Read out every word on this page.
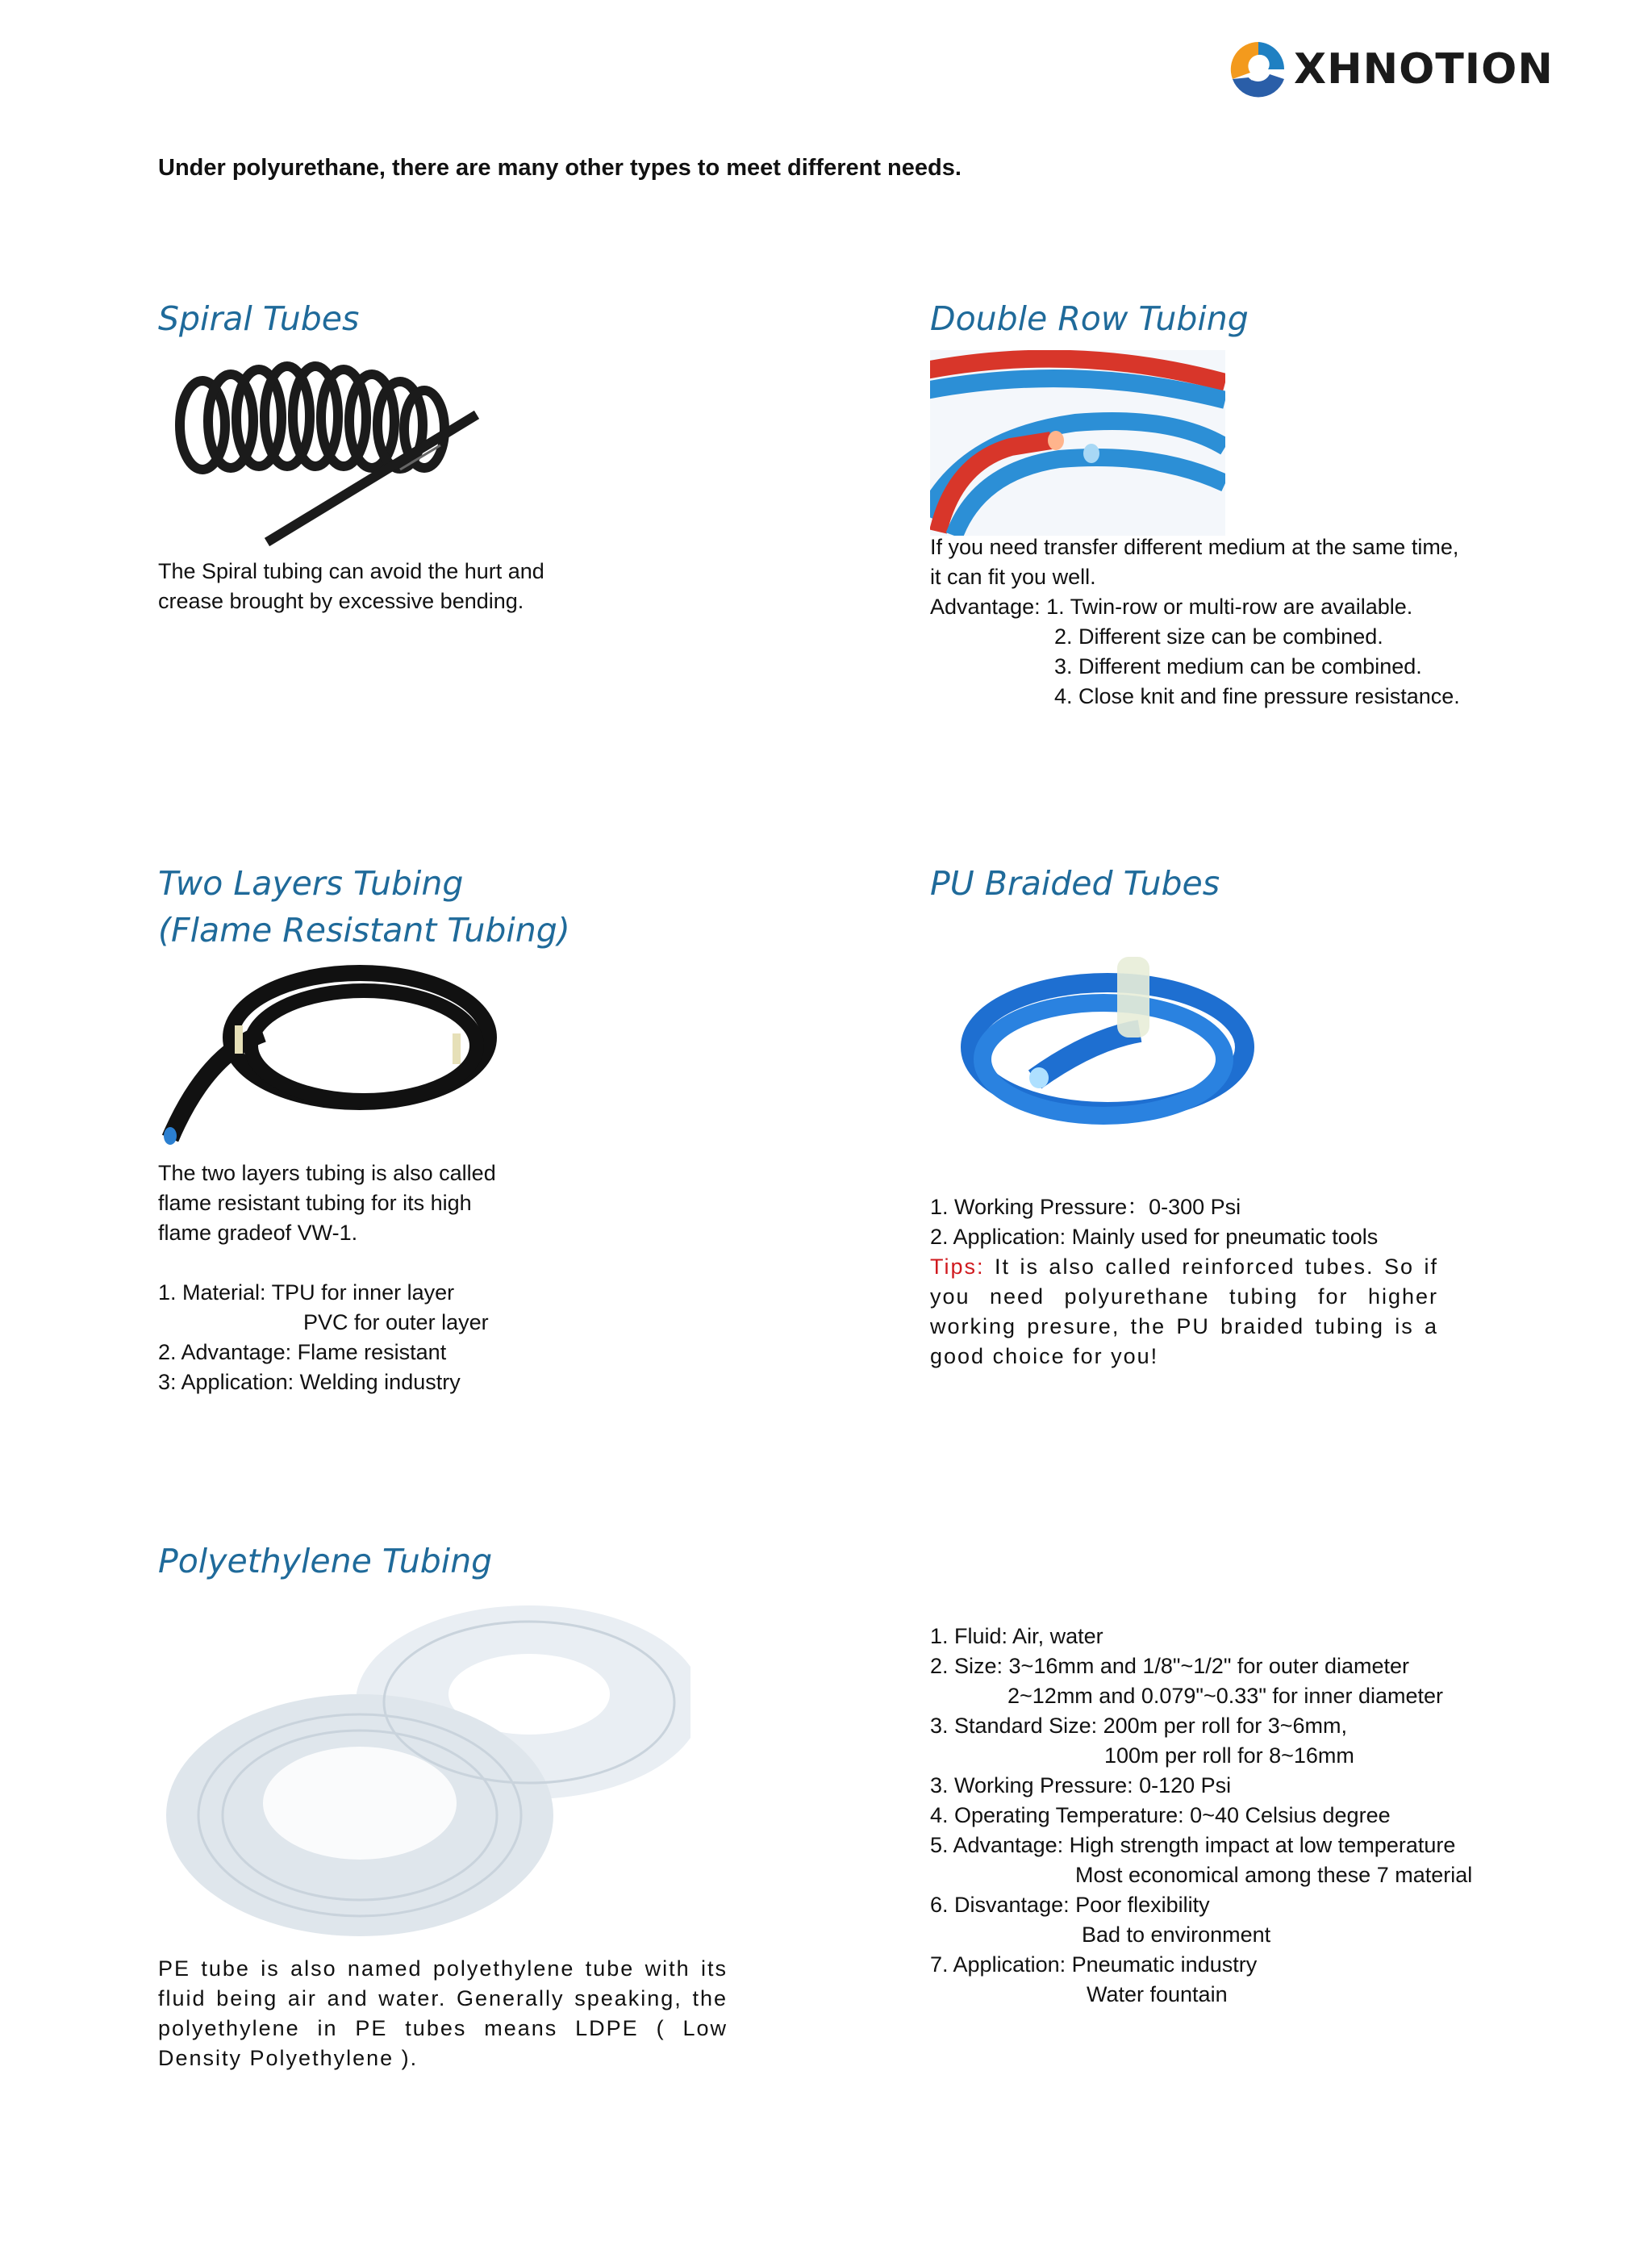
XHNOTION
Under polyurethane, there are many other types to meet different needs.
Spiral Tubes
The Spiral tubing can avoid the hurt and
crease brought by excessive bending.
Double Row Tubing
If you need transfer different medium at the same time,
it can fit you well.
Advantage: 1. Twin-row or multi-row are available.
2. Different size can be combined.
3. Different medium can be combined.
4. Close knit and fine pressure resistance.
Two Layers Tubing
(Flame Resistant Tubing)
The two layers tubing is also called
flame resistant tubing for its high
flame gradeof VW-1.
1. Material: TPU for inner layer
PVC for outer layer
2. Advantage: Flame resistant
3: Application: Welding industry
PU Braided Tubes
1. Working Pressure：0-300 Psi
2. Application: Mainly used for pneumatic tools
Tips: It is also called reinforced tubes. So if you need polyurethane tubing for higher working presure, the PU braided tubing is a good choice for you!
Polyethylene Tubing
PE tube is also named polyethylene tube with its fluid being air and water. Generally speaking, the polyethylene in PE tubes means LDPE ( Low Density Polyethylene ).
1. Fluid: Air, water
2. Size: 3~16mm and 1/8"~1/2" for outer diameter
2~12mm and 0.079"~0.33" for inner diameter
3. Standard Size: 200m per roll for 3~6mm,
100m per roll for 8~16mm
3. Working Pressure: 0-120 Psi
4. Operating Temperature: 0~40 Celsius degree
5. Advantage: High strength impact at low temperature
Most economical among these 7 material
6. Disvantage: Poor flexibility
Bad to environment
7. Application: Pneumatic industry
Water fountain
